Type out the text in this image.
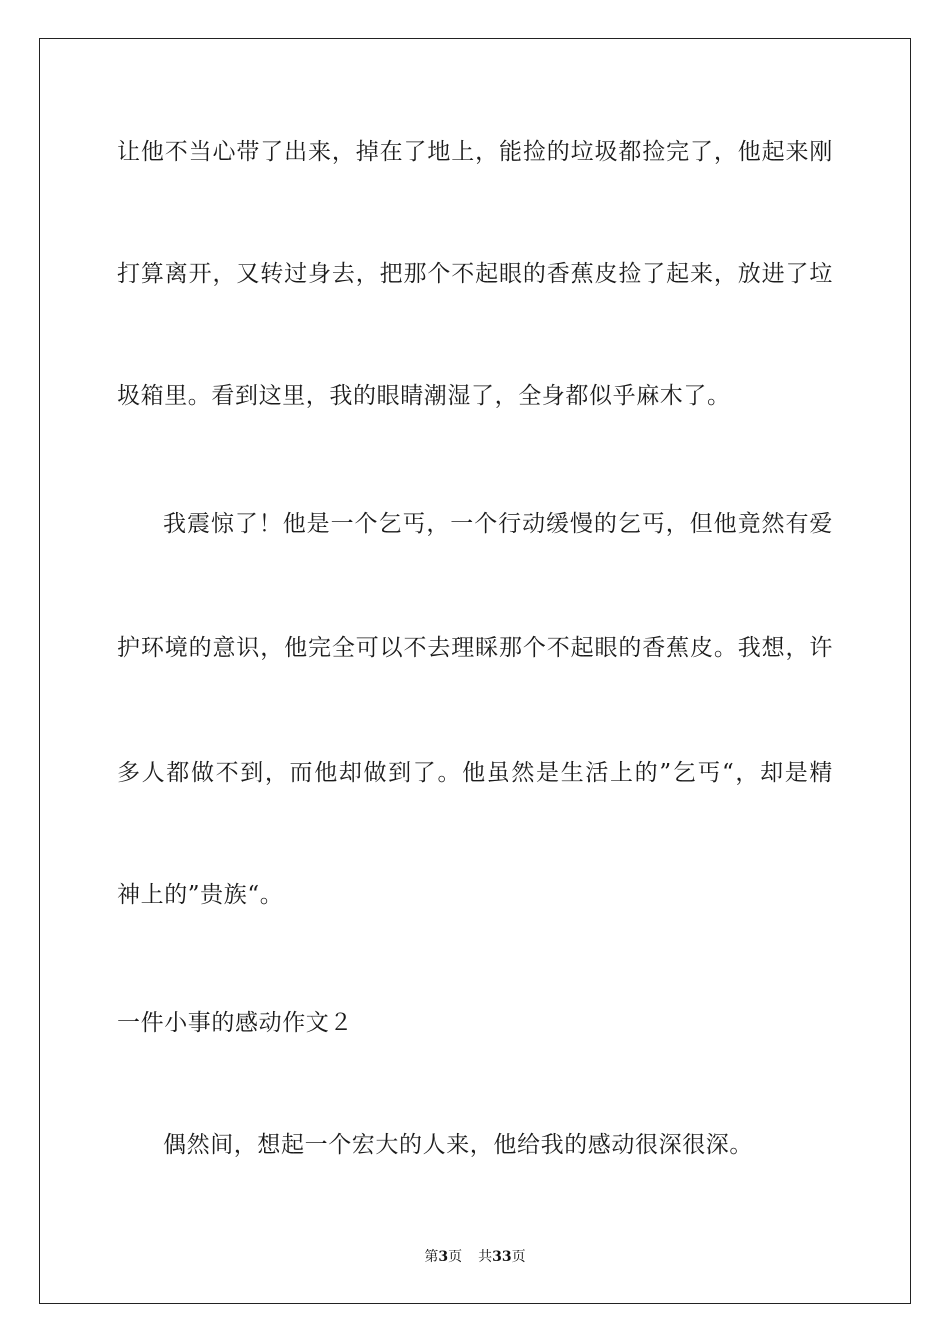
让他不当心带了出来，掉在了地上，能捡的垃圾都捡完了，他起来刚
打算离开，又转过身去，把那个不起眼的香蕉皮捡了起来，放进了垃
圾箱里。看到这里，我的眼睛潮湿了，全身都似乎麻木了。
我震惊了！他是一个乞丐，一个行动缓慢的乞丐，但他竟然有爱
护环境的意识，他完全可以不去理睬那个不起眼的香蕉皮。我想，许
多人都做不到，而他却做到了。他虽然是生活上的”乞丐“，却是精
神上的”贵族“。
一件小事的感动作文２
偶然间，想起一个宏大的人来，他给我的感动很深很深。
第3页 共33页
